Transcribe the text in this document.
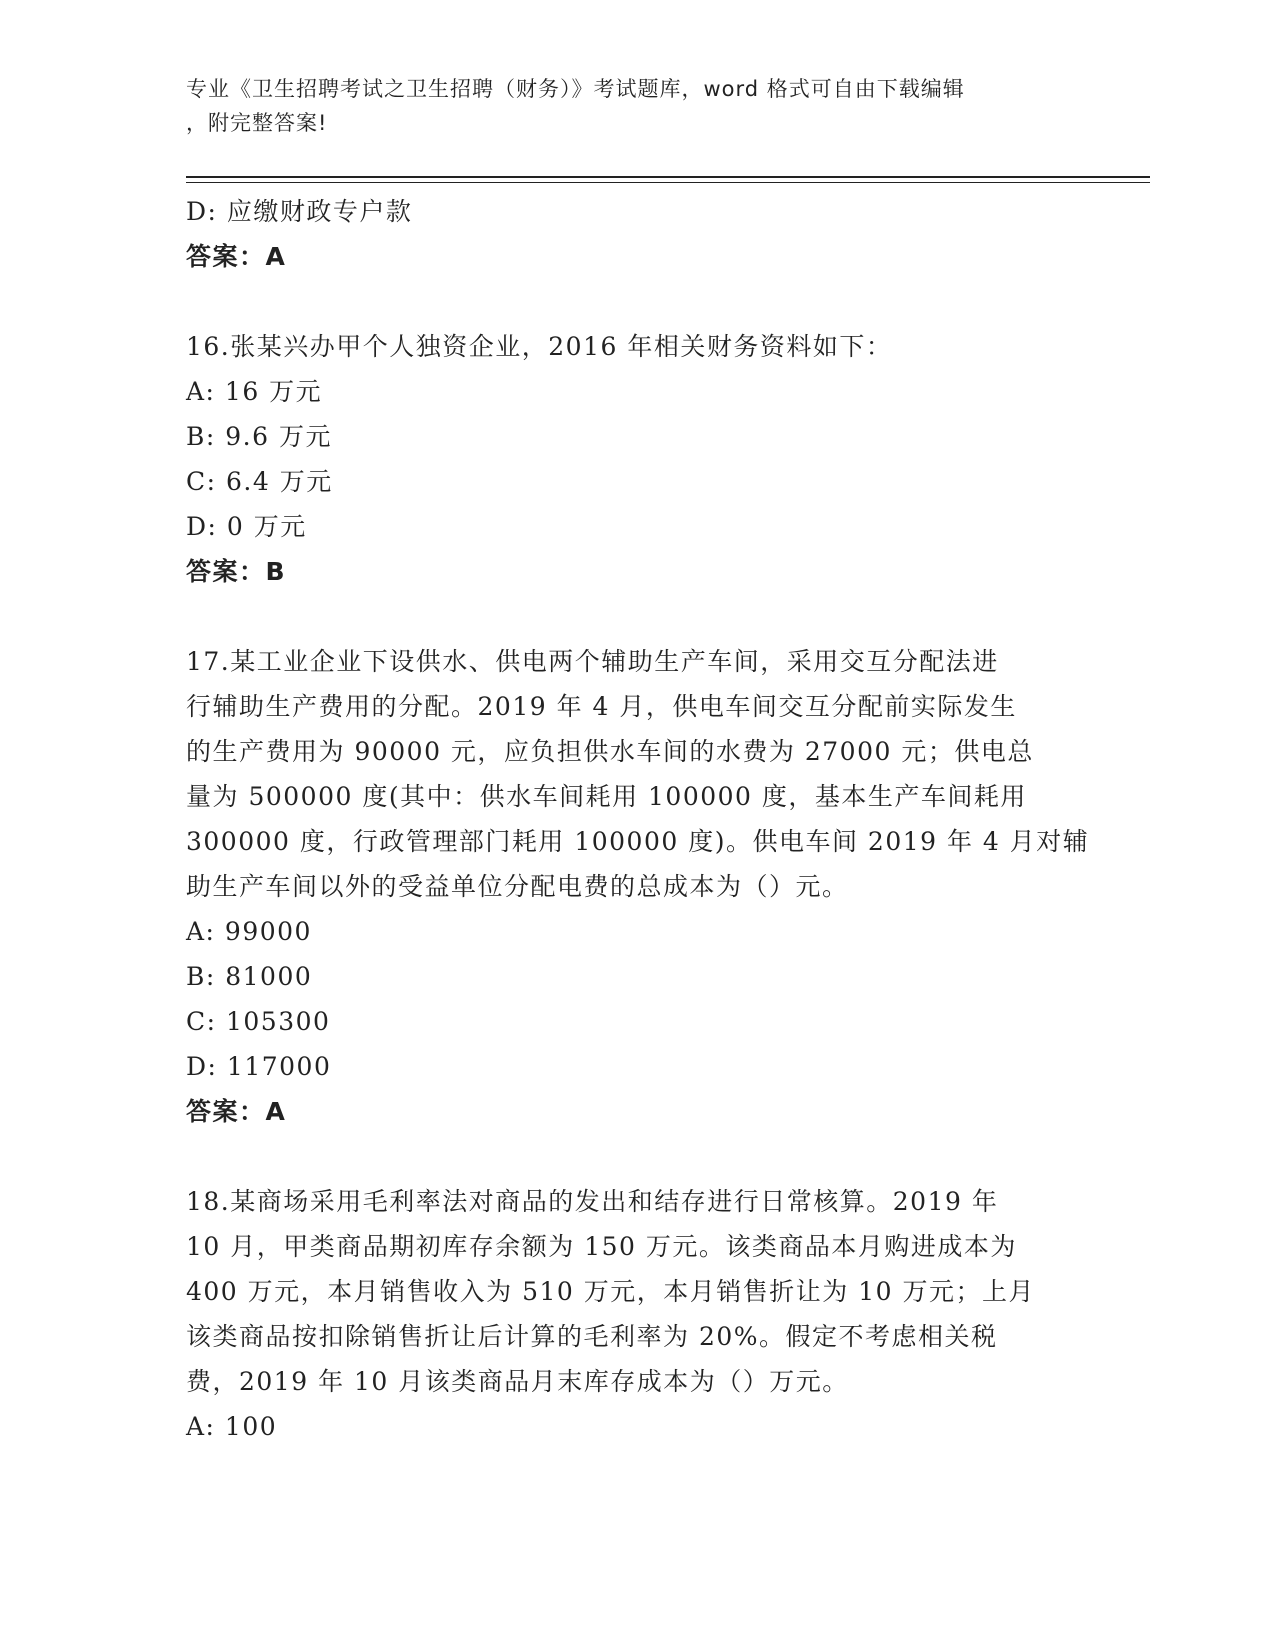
专业《卫生招聘考试之卫生招聘（财务）》考试题库，word 格式可自由下载编辑
，附完整答案!
D: 应缴财政专户款
答案：A
16.张某兴办甲个人独资企业，2016 年相关财务资料如下：
A: 16 万元
B: 9.6 万元
C: 6.4 万元
D: 0 万元
答案：B
17.某工业企业下设供水、供电两个辅助生产车间，采用交互分配法进
行辅助生产费用的分配。2019 年 4 月，供电车间交互分配前实际发生
的生产费用为 90000 元，应负担供水车间的水费为 27000 元；供电总
量为 500000 度(其中：供水车间耗用 100000 度，基本生产车间耗用
300000 度，行政管理部门耗用 100000 度)。供电车间 2019 年 4 月对辅
助生产车间以外的受益单位分配电费的总成本为（）元。
A: 99000
B: 81000
C: 105300
D: 117000
答案：A
18.某商场采用毛利率法对商品的发出和结存进行日常核算。2019 年
10 月，甲类商品期初库存余额为 150 万元。该类商品本月购进成本为
400 万元，本月销售收入为 510 万元，本月销售折让为 10 万元；上月
该类商品按扣除销售折让后计算的毛利率为 20%。假定不考虑相关税
费，2019 年 10 月该类商品月末库存成本为（）万元。
A: 100
